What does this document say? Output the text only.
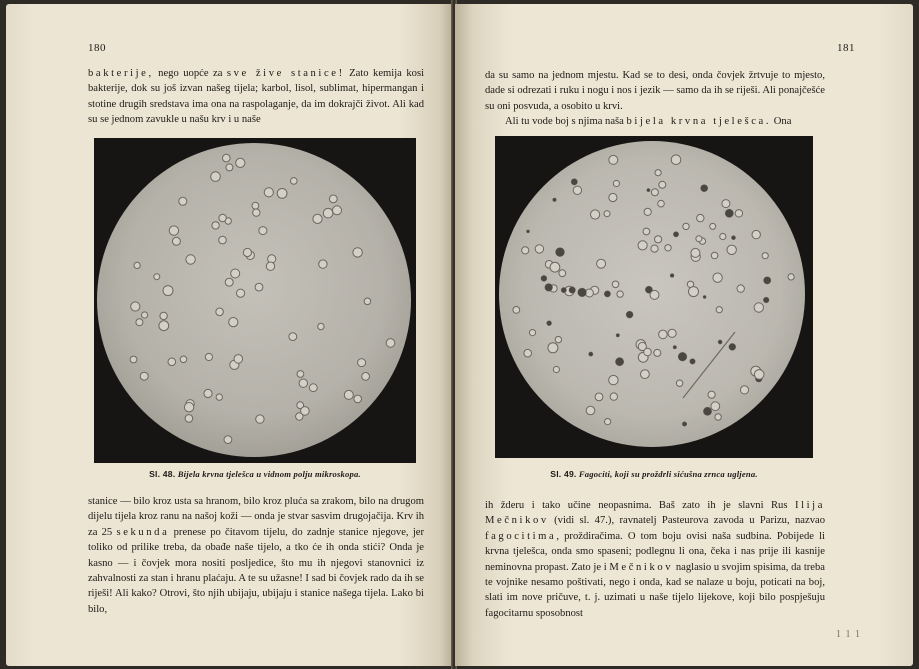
180

bakterije, nego uopće za sve žive stanice! Zato kemija kosi bakterije, dok su još izvan našeg tijela; karbol, lisol, sublimat, hipermangan i stotine drugih sredstava ima ona na raspolaganje, da im dokrajči život. Ali kad su se jednom zavukle u našu krv i u naše

Sl. 48. Bijela krvna tjelešca u vidnom polju mikroskopa.

stanice — bilo kroz usta sa hranom, bilo kroz pluća sa zrakom, bilo na drugom dijelu tijela kroz ranu na našoj koži — onda je stvar sasvim drugojačija. Krv ih za 25 sekunda prenese po čitavom tijelu, do zadnje stanice njegove, jer toliko od prilike treba, da obađe naše tijelo, a tko će ih onda stići? Onda je kasno — i čovjek mora nositi posljedice, što mu ih njegovi stanovnici iz zahvalnosti za stan i hranu plaćaju. A te su užasne! I sad bi čovjek rado da ih se riješi! Ali kako? Otrovi, što njih ubijaju, ubijaju i stanice našega tijela. Lako bi bilo,

181

da su samo na jednom mjestu. Kad se to desi, onda čovjek žrtvuje to mjesto, dade si odrezati i ruku i nogu i nos i jezik — samo da ih se riješi. Ali ponajčešće su oni posvuda, a osobito u krvi.

Ali tu vode boj s njima naša bijela krvna tjelešca. Ona

Sl. 49. Fagociti, koji su proždrli sićušna zrnca ugljena.

ih žderu i tako učine neopasnima. Baš zato ih je slavni Rus Ilija Mečnikov (vidi sl. 47.), ravnatelj Pasteurova zavoda u Parizu, nazvao fagocitima, proždiračima. O tom boju ovisi naša sudbina. Pobijede li krvna tjelešca, onda smo spaseni; podlegnu li ona, čeka i nas prije ili kasnije neminovna propast. Zato je i Mečnikov naglasio u svojim spisima, da treba te vojnike nesamo poštivati, nego i onda, kad se nalaze u boju, poticati na boj, slati im nove pričuve, t. j. uzimati u naše tijelo lijekove, koji bilo pospješuju fagocitarnu sposobnost

1 1 1
